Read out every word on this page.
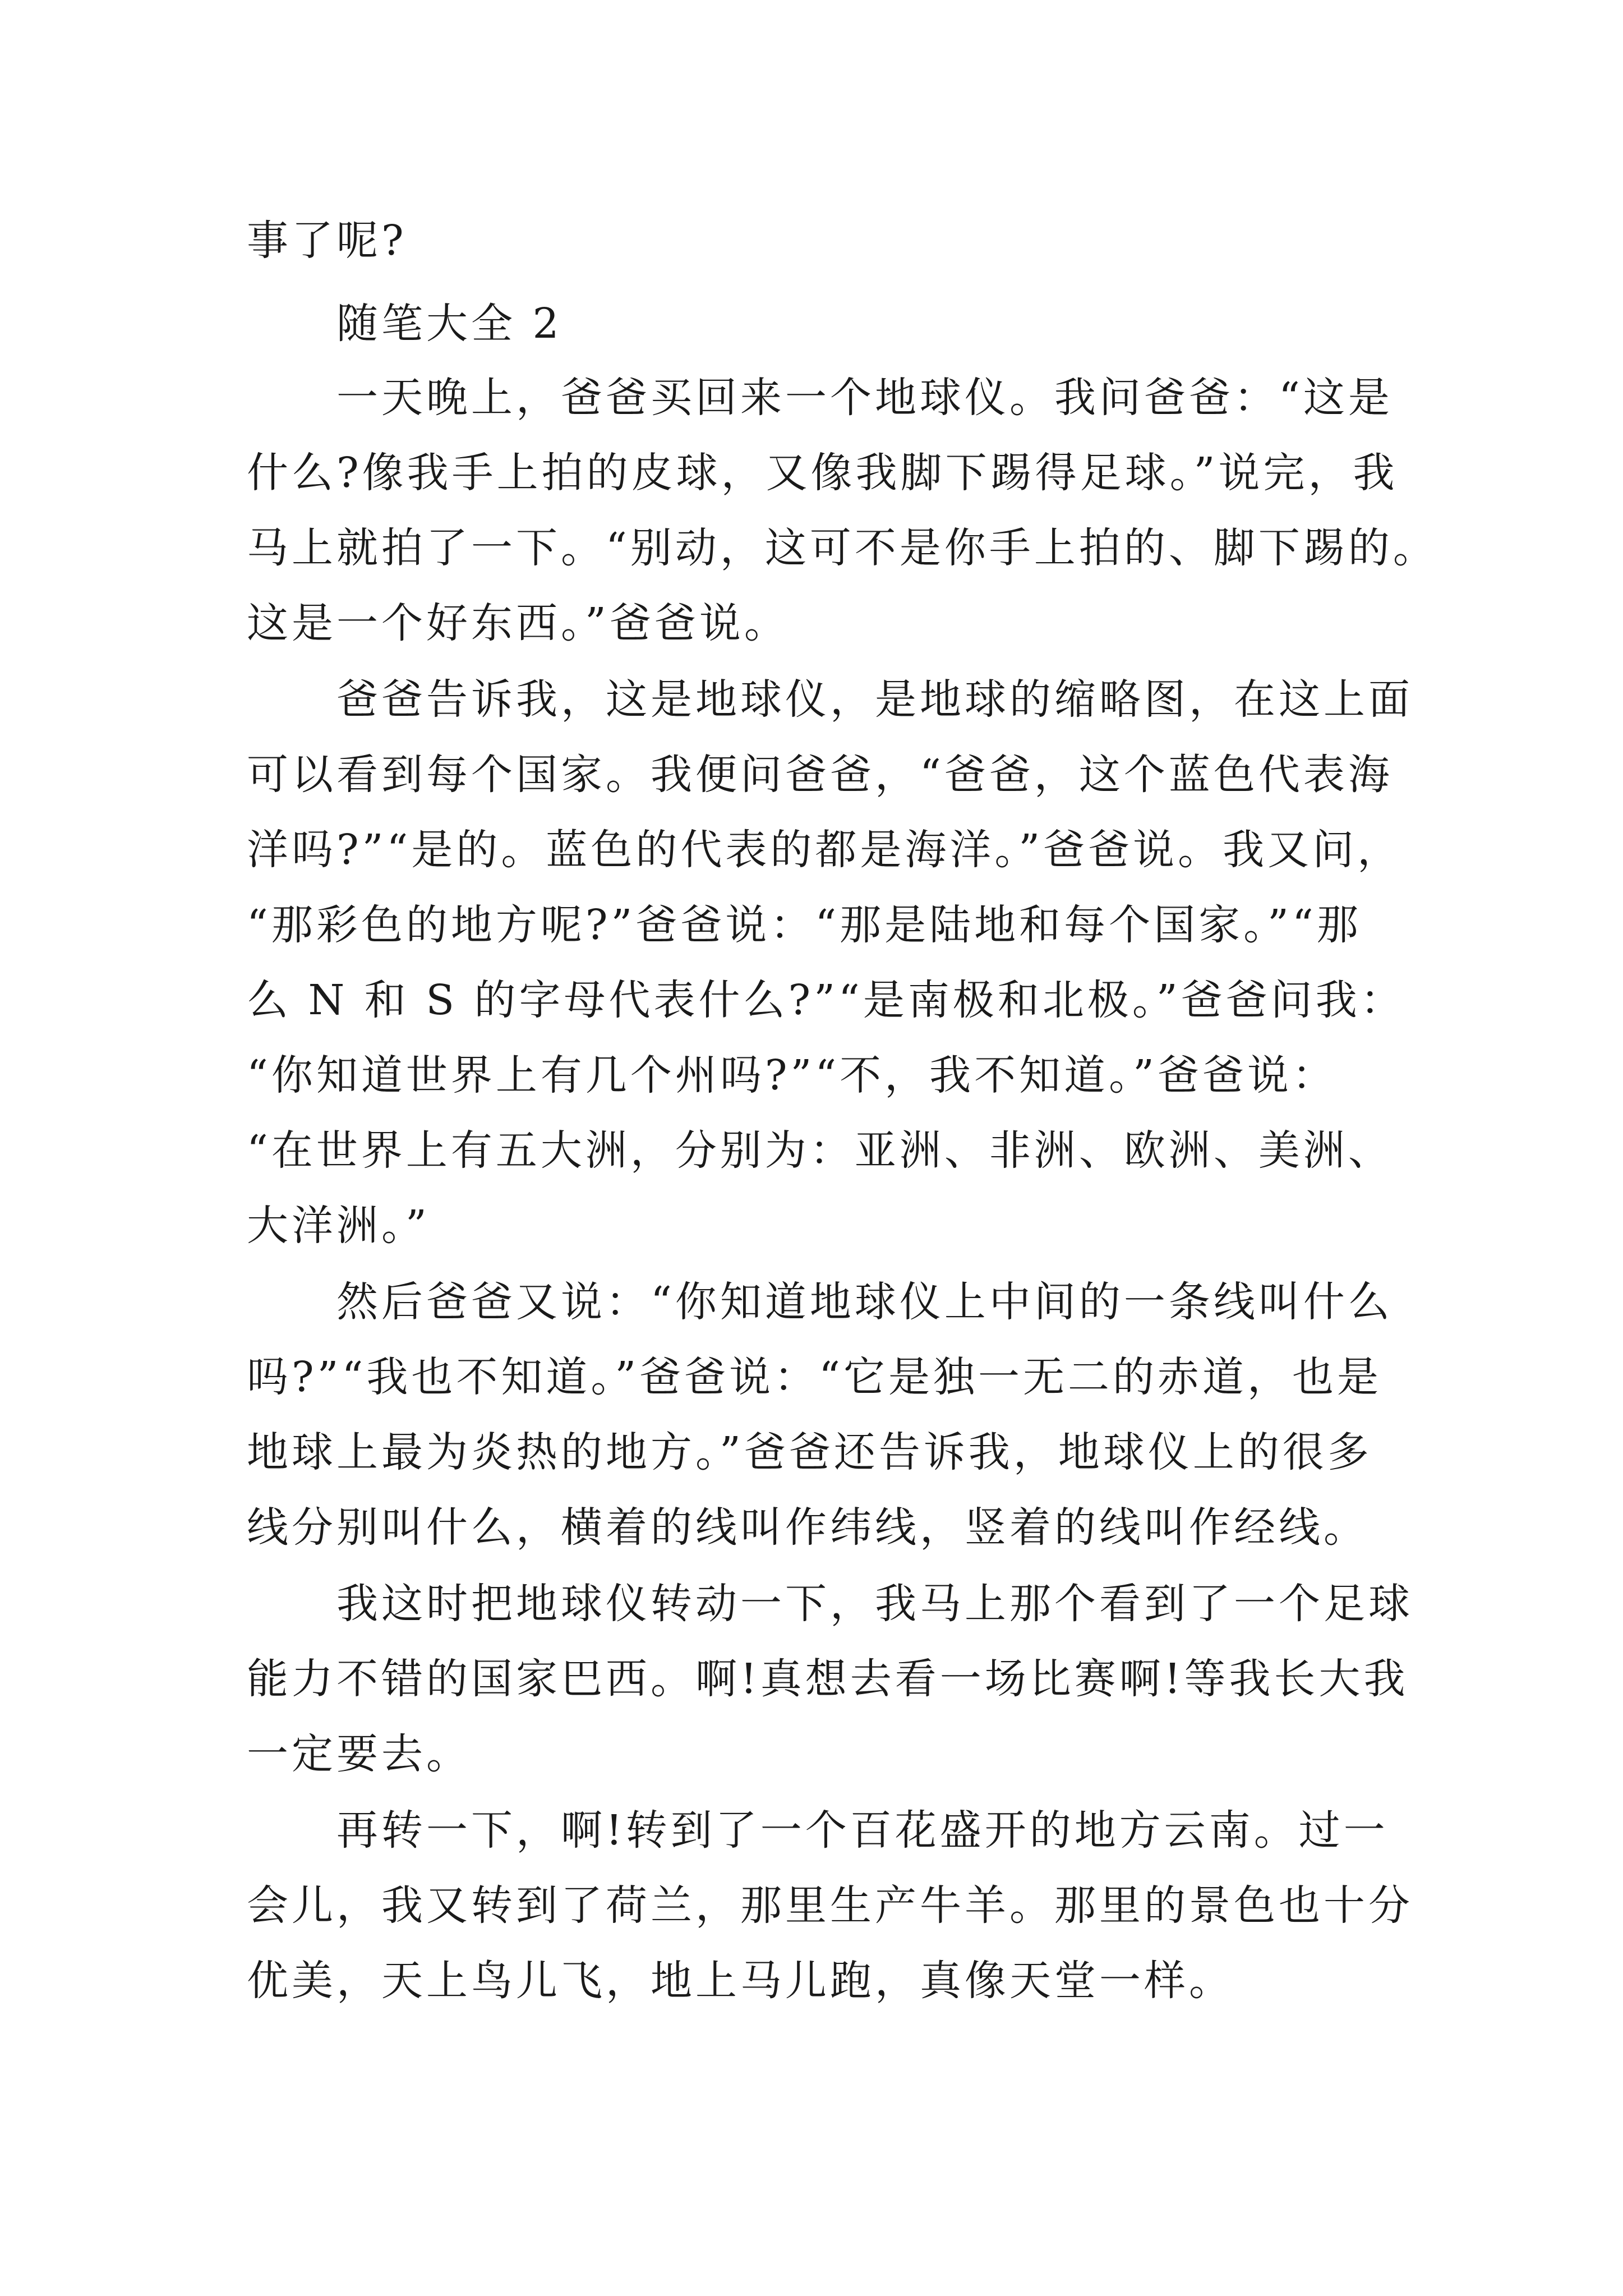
事了呢?
随笔大全 2
一天晚上，爸爸买回来一个地球仪。我问爸爸：“这是
什么?像我手上拍的皮球，又像我脚下踢得足球。”说完，我
马上就拍了一下。“别动，这可不是你手上拍的、脚下踢的。
这是一个好东西。”爸爸说。
爸爸告诉我，这是地球仪，是地球的缩略图，在这上面
可以看到每个国家。我便问爸爸，“爸爸，这个蓝色代表海
洋吗?”“是的。蓝色的代表的都是海洋。”爸爸说。我又问，
“那彩色的地方呢?”爸爸说：“那是陆地和每个国家。”“那
么 N 和 S 的字母代表什么?”“是南极和北极。”爸爸问我：
“你知道世界上有几个州吗?”“不，我不知道。”爸爸说：
“在世界上有五大洲，分别为：亚洲、非洲、欧洲、美洲、
大洋洲。”
然后爸爸又说：“你知道地球仪上中间的一条线叫什么
吗?”“我也不知道。”爸爸说：“它是独一无二的赤道，也是
地球上最为炎热的地方。”爸爸还告诉我，地球仪上的很多
线分别叫什么，横着的线叫作纬线，竖着的线叫作经线。
我这时把地球仪转动一下，我马上那个看到了一个足球
能力不错的国家巴西。啊!真想去看一场比赛啊!等我长大我
一定要去。
再转一下，啊!转到了一个百花盛开的地方云南。过一
会儿，我又转到了荷兰，那里生产牛羊。那里的景色也十分
优美，天上鸟儿飞，地上马儿跑，真像天堂一样。
